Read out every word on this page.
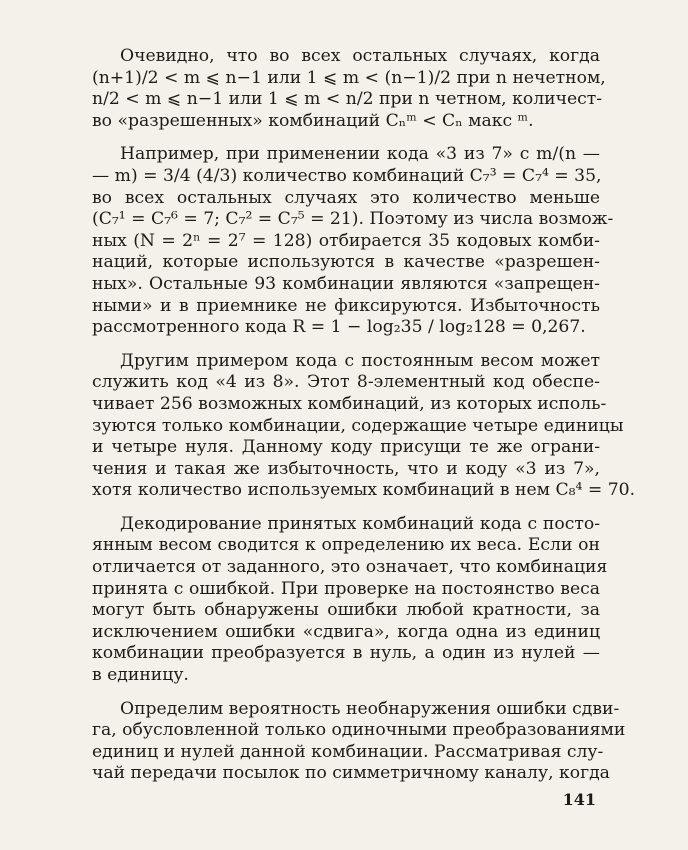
Очевидно, что во всех остальных случаях, когда
(n+1)/2 < m ⩽ n−1 или 1 ⩽ m < (n−1)/2 при n нечетном,
n/2 < m ⩽ n−1 или 1 ⩽ m < n/2 при n четном, количест-
во «разрешенных» комбинаций Cₙᵐ < Cₙ макс ᵐ.
Например, при применении кода «3 из 7» с m/(n —
— m) = 3/4 (4/3) количество комбинаций C₇³ = C₇⁴ = 35,
во всех остальных случаях это количество меньше
(C₇¹ = C₇⁶ = 7; C₇² = C₇⁵ = 21). Поэтому из числа возмож-
ных (N = 2ⁿ = 2⁷ = 128) отбирается 35 кодовых комби-
наций, которые используются в качестве «разрешен-
ных». Остальные 93 комбинации являются «запрещен-
ными» и в приемнике не фиксируются. Избыточность
рассмотренного кода R = 1 − log₂35 / log₂128 = 0,267.
Другим примером кода с постоянным весом может
служить код «4 из 8». Этот 8-элементный код обеспе-
чивает 256 возможных комбинаций, из которых исполь-
зуются только комбинации, содержащие четыре единицы
и четыре нуля. Данному коду присущи те же ограни-
чения и такая же избыточность, что и коду «3 из 7»,
хотя количество используемых комбинаций в нем C₈⁴ = 70.
Декодирование принятых комбинаций кода с посто-
янным весом сводится к определению их веса. Если он
отличается от заданного, это означает, что комбинация
принята с ошибкой. При проверке на постоянство веса
могут быть обнаружены ошибки любой кратности, за
исключением ошибки «сдвига», когда одна из единиц
комбинации преобразуется в нуль, а один из нулей —
в единицу.
Определим вероятность необнаружения ошибки сдви-
га, обусловленной только одиночными преобразованиями
единиц и нулей данной комбинации. Рассматривая слу-
чай передачи посылок по симметричному каналу, когда
141
